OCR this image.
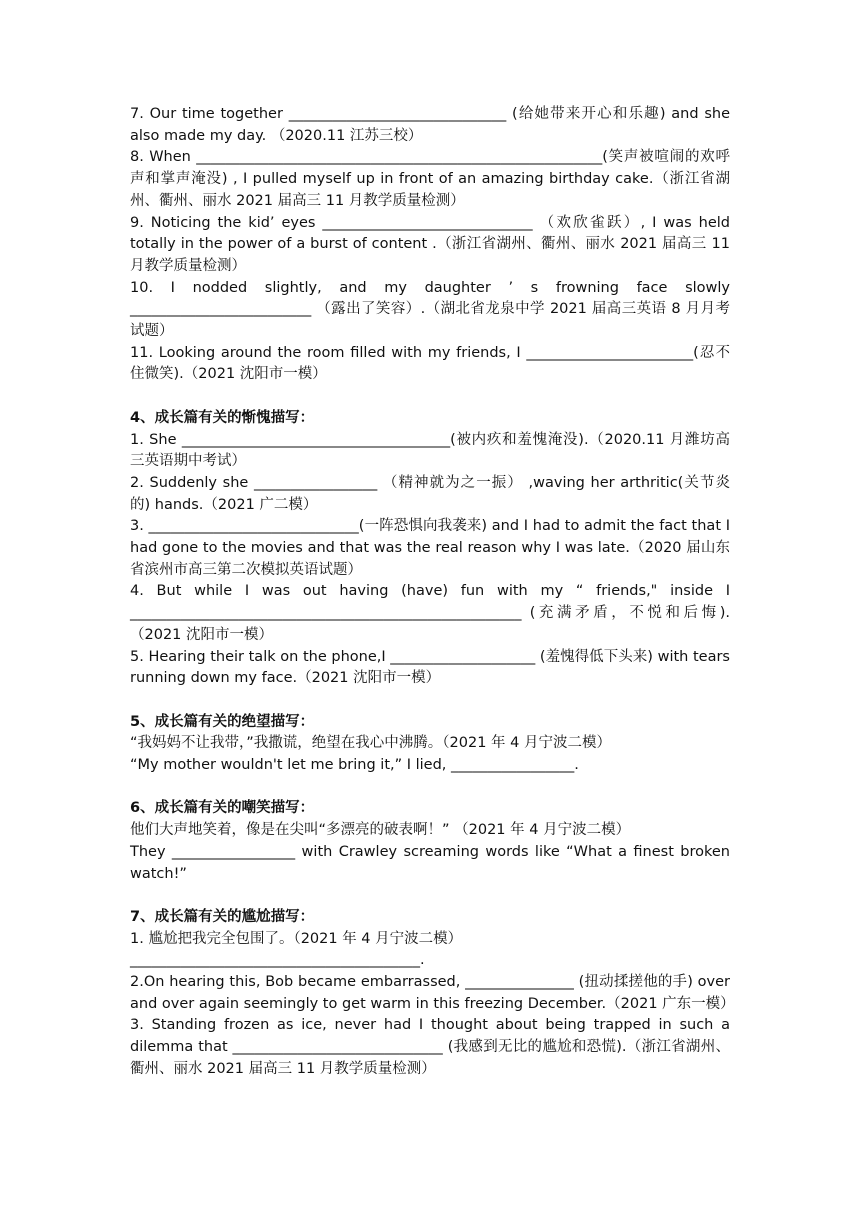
7. Our time together ______________________________ (给她带来开心和乐趣) and she also made my day. （2020.11 江苏三校）

8. When ________________________________________________________(笑声被喧闹的欢呼声和掌声淹没) , I pulled myself up in front of an amazing birthday cake.（浙江省湖州、衢州、丽水 2021 届高三 11 月教学质量检测）

9. Noticing the kid’ eyes _____________________________ （欢欣雀跃）, I was held totally in the power of a burst of content .（浙江省湖州、衢州、丽水 2021 届高三 11 月教学质量检测）

10. I nodded slightly, and my daughter ’ s frowning face slowly _________________________ （露出了笑容）.（湖北省龙泉中学 2021 届高三英语 8 月月考试题）

11. Looking around the room filled with my friends, I _______________________(忍不住微笑).（2021 沈阳市一模）

4、成长篇有关的惭愧描写：

1. She _____________________________________(被内疚和羞愧淹没).（2020.11 月潍坊高三英语期中考试）

2. Suddenly she _________________ （精神就为之一振） ,waving her arthritic(关节炎的) hands.（2021 广二模）

3. _____________________________(一阵恐惧向我袭来) and I had to admit the fact that I had gone to the movies and that was the real reason why I was late.（2020 届山东省滨州市高三第二次模拟英语试题）

4. But while I was out having (have) fun with my “ friends," inside I ______________________________________________________ (充满矛盾，不悦和后悔).（2021 沈阳市一模）

5. Hearing their talk on the phone,I ____________________ (羞愧得低下头来) with tears running down my face.（2021 沈阳市一模）

5、成长篇有关的绝望描写：

“我妈妈不让我带，”我撒谎，绝望在我心中沸腾。（2021 年 4 月宁波二模）

“My mother wouldn't let me bring it,” I lied, _________________.

6、成长篇有关的嘲笑描写：

他们大声地笑着，像是在尖叫“多漂亮的破表啊！” （2021 年 4 月宁波二模）

They _________________ with Crawley screaming words like “What a finest broken watch!”

7、成长篇有关的尴尬描写：

1. 尴尬把我完全包围了。（2021 年 4 月宁波二模）

________________________________________.

2.On hearing this, Bob became embarrassed, _______________ (扭动揉搓他的手) over and over again seemingly to get warm in this freezing December.（2021 广东一模）

3. Standing frozen as ice, never had I thought about being trapped in such a dilemma that _____________________________ (我感到无比的尴尬和恐慌).（浙江省湖州、衢州、丽水 2021 届高三 11 月教学质量检测）
